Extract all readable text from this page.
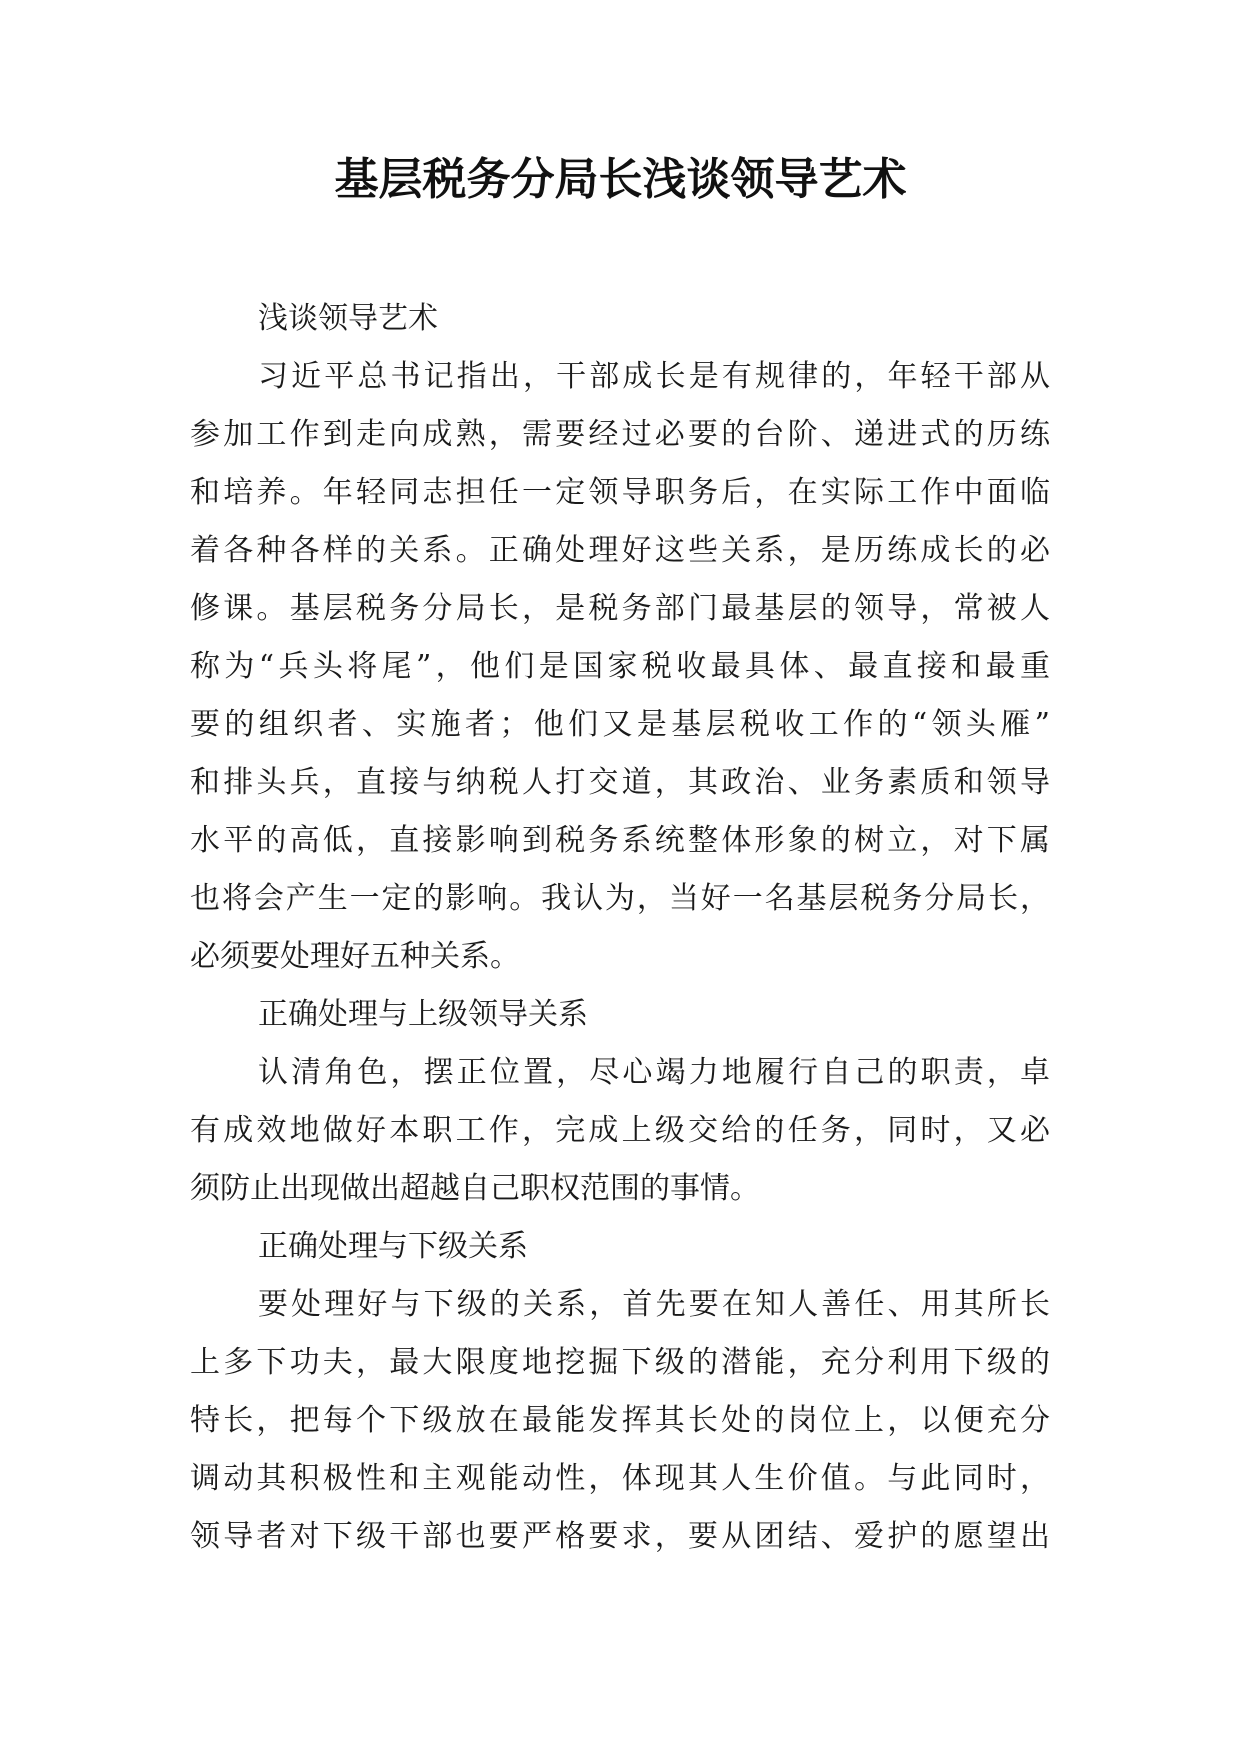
基层税务分局长浅谈领导艺术
浅谈领导艺术
习近平总书记指出，干部成长是有规律的，年轻干部从
参加工作到走向成熟，需要经过必要的台阶、递进式的历练
和培养。年轻同志担任一定领导职务后，在实际工作中面临
着各种各样的关系。正确处理好这些关系，是历练成长的必
修课。基层税务分局长，是税务部门最基层的领导，常被人
称为“兵头将尾”，他们是国家税收最具体、最直接和最重
要的组织者、实施者；他们又是基层税收工作的“领头雁”
和排头兵，直接与纳税人打交道，其政治、业务素质和领导
水平的高低，直接影响到税务系统整体形象的树立，对下属
也将会产生一定的影响。我认为，当好一名基层税务分局长，
必须要处理好五种关系。
正确处理与上级领导关系
认清角色，摆正位置，尽心竭力地履行自己的职责，卓
有成效地做好本职工作，完成上级交给的任务，同时，又必
须防止出现做出超越自己职权范围的事情。
正确处理与下级关系
要处理好与下级的关系，首先要在知人善任、用其所长
上多下功夫，最大限度地挖掘下级的潜能，充分利用下级的
特长，把每个下级放在最能发挥其长处的岗位上，以便充分
调动其积极性和主观能动性，体现其人生价值。与此同时，
领导者对下级干部也要严格要求，要从团结、爱护的愿望出
